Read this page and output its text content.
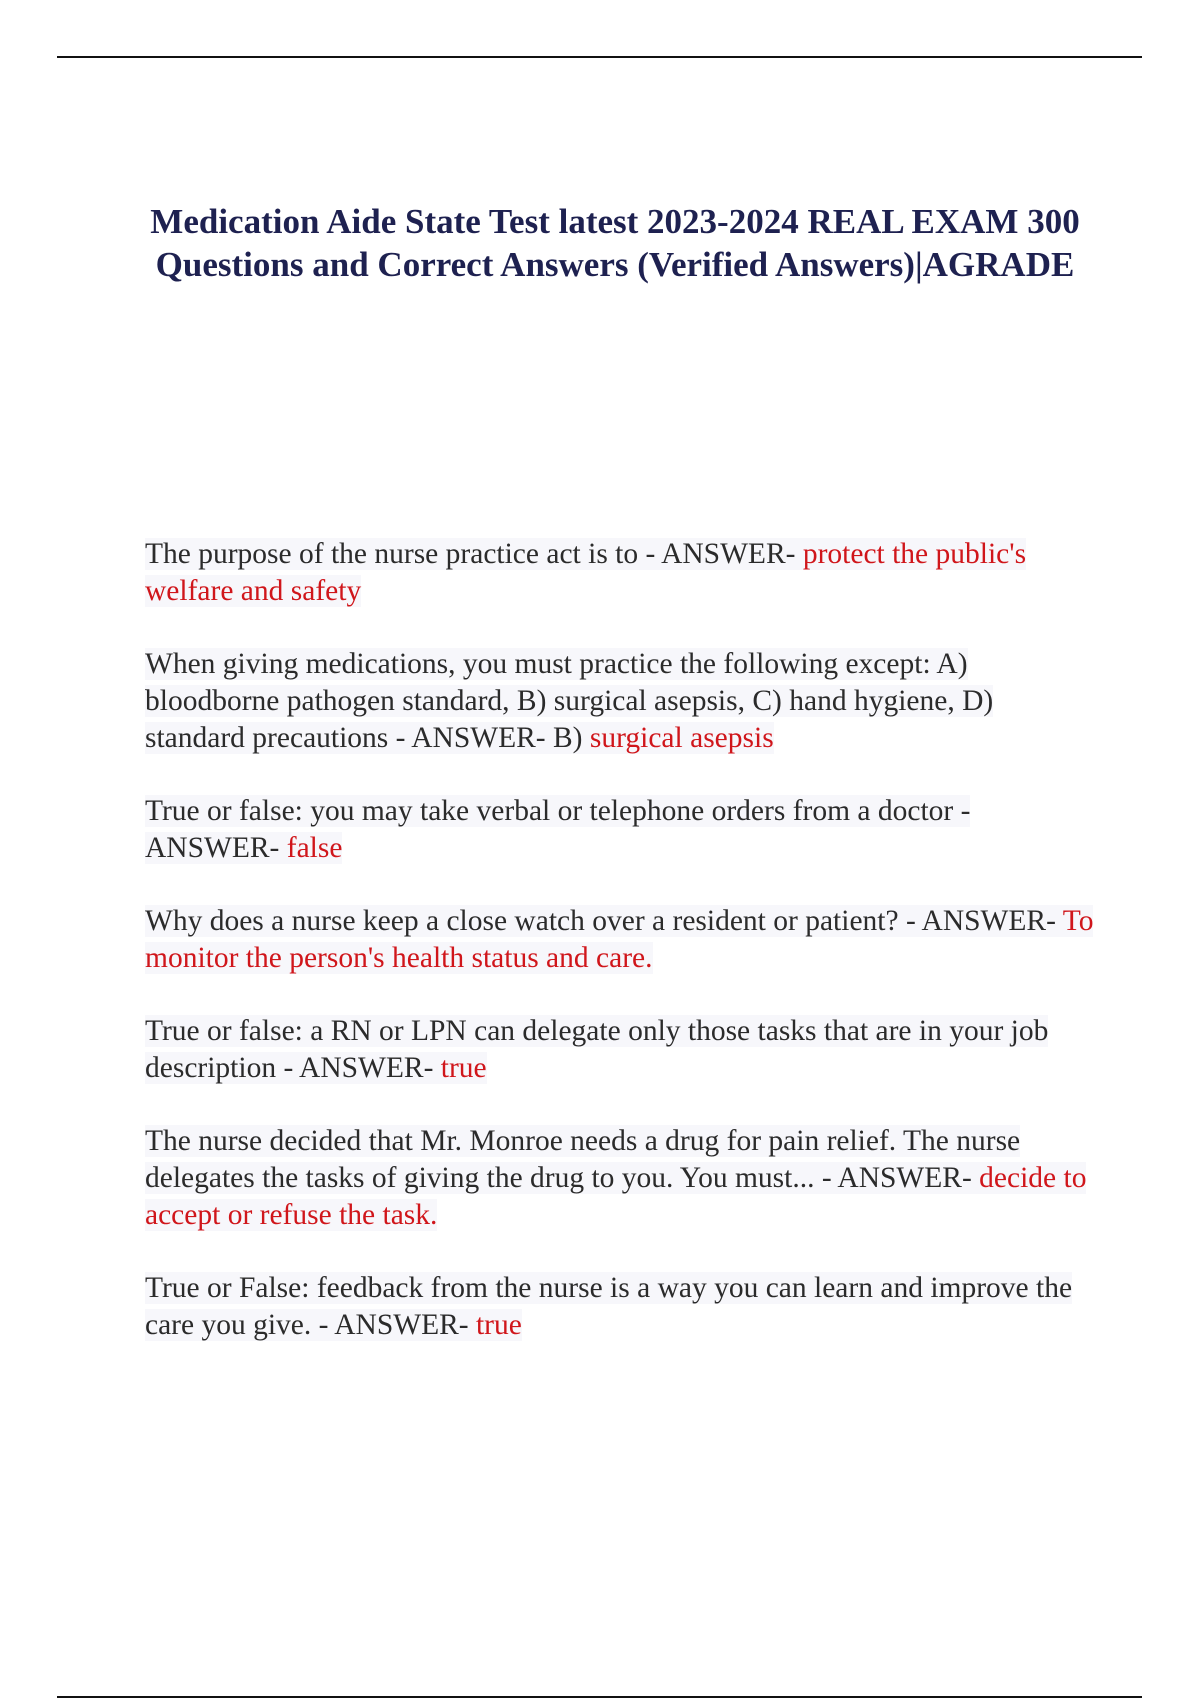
Medication Aide State Test latest 2023-2024 REAL EXAM 300 Questions and Correct Answers (Verified Answers)|AGRADE

The purpose of the nurse practice act is to - ANSWER- protect the public's welfare and safety

When giving medications, you must practice the following except: A) bloodborne pathogen standard, B) surgical asepsis, C) hand hygiene, D) standard precautions - ANSWER- B) surgical asepsis

True or false: you may take verbal or telephone orders from a doctor - ANSWER- false

Why does a nurse keep a close watch over a resident or patient? - ANSWER- To monitor the person's health status and care.

True or false: a RN or LPN can delegate only those tasks that are in your job description - ANSWER- true

The nurse decided that Mr. Monroe needs a drug for pain relief. The nurse delegates the tasks of giving the drug to you. You must... - ANSWER- decide to accept or refuse the task.

True or False: feedback from the nurse is a way you can learn and improve the care you give. - ANSWER- true
